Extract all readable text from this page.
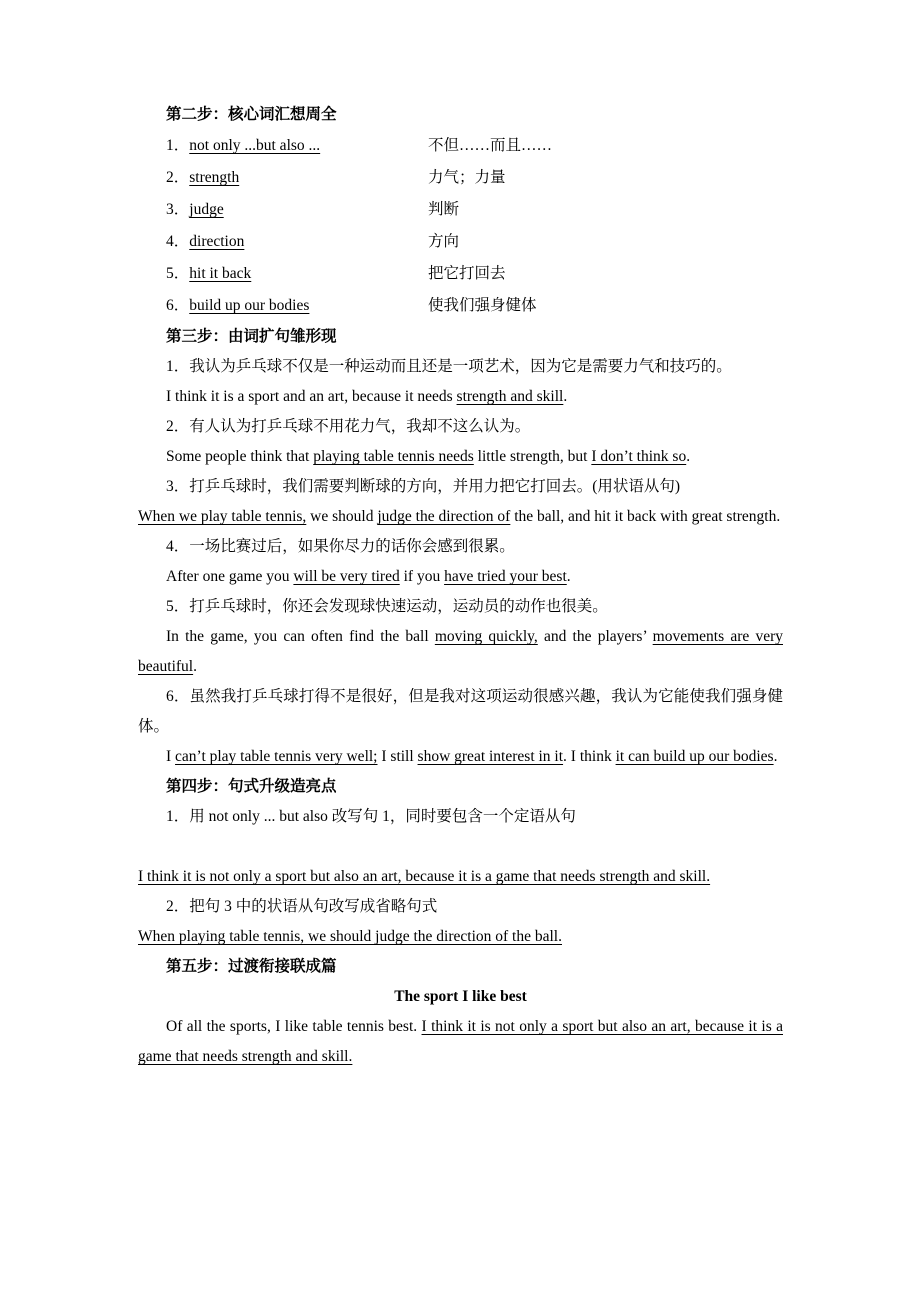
第二步：核心词汇想周全
1．not only ...but also ...	不但……而且……
2．strength	力气；力量
3．judge	判断
4．direction	方向
5．hit it back	把它打回去
6．build up our bodies	使我们强身健体
第三步：由词扩句雏形现
1．我认为乒乓球不仅是一种运动而且还是一项艺术，因为它是需要力气和技巧的。
I think it is a sport and an art, because it needs strength and skill.
2．有人认为打乒乓球不用花力气，我却不这么认为。
Some people think that playing table tennis needs little strength, but I don’t think so.
3．打乒乓球时，我们需要判断球的方向，并用力把它打回去。(用状语从句)
When we play table tennis, we should judge the direction of the ball, and hit it back with great strength.
4．一场比赛过后，如果你尽力的话你会感到很累。
After one game you will be very tired if you have tried your best.
5．打乒乓球时，你还会发现球快速运动，运动员的动作也很美。
In the game, you can often find the ball moving quickly, and the players’ movements are very beautiful.
6．虽然我打乒乓球打得不是很好，但是我对这项运动很感兴趣，我认为它能使我们强身健体。
I can’t play table tennis very well; I still show great interest in it. I think it can build up our bodies.
第四步：句式升级造亮点
1．用 not only ... but also 改写句 1，同时要包含一个定语从句
I think it is not only a sport but also an art, because it is a game that needs strength and skill.
2．把句 3 中的状语从句改写成省略句式
When playing table tennis, we should judge the direction of the ball.
第五步：过渡衔接联成篇
The sport I like best
Of all the sports, I like table tennis best. I think it is not only a sport but also an art, because it is a game that needs strength and skill.
